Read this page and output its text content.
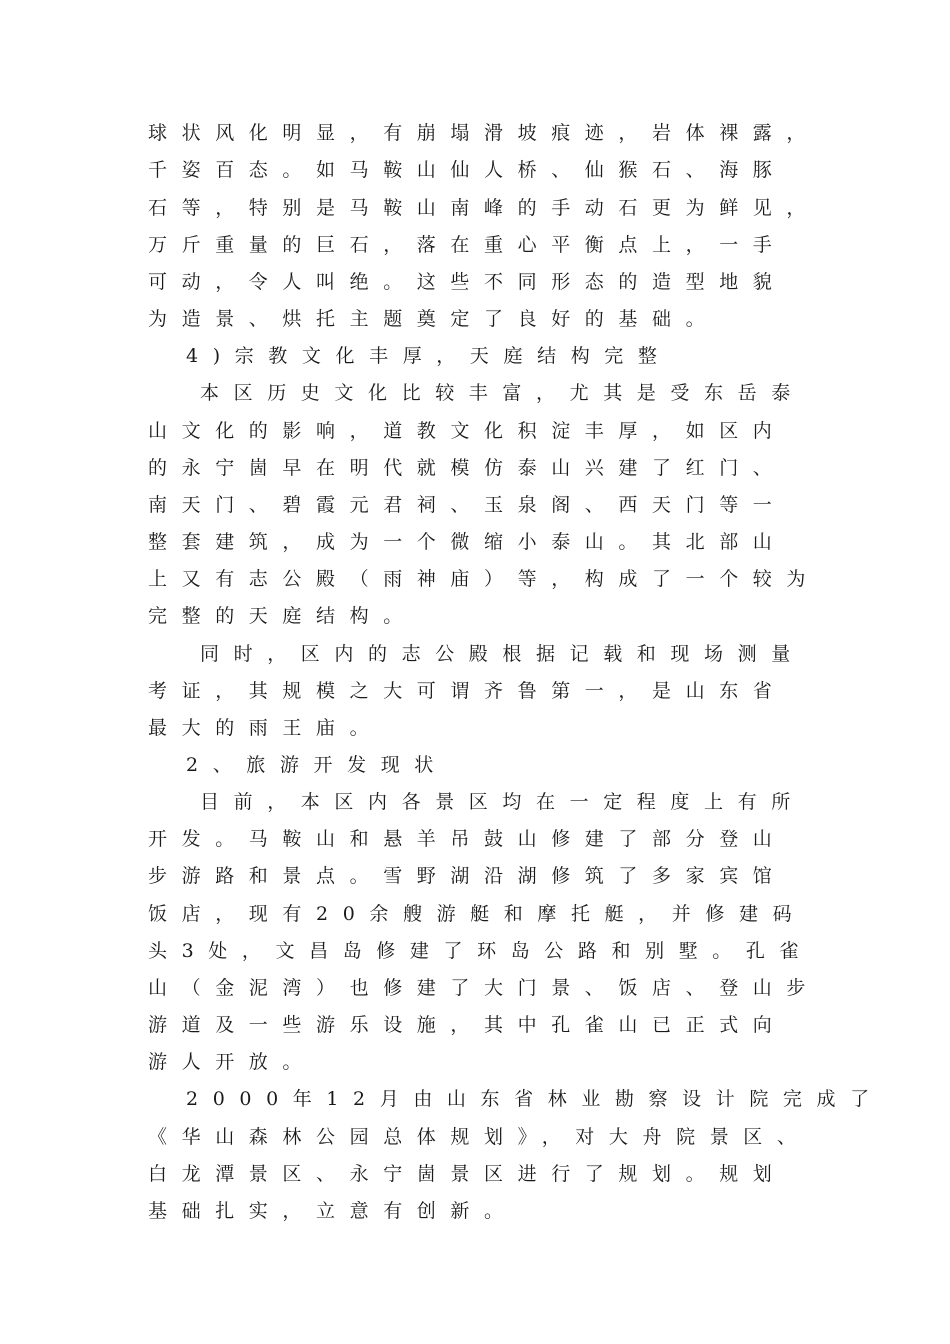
球状风化明显，有崩塌滑坡痕迹，岩体裸露，
千姿百态。如马鞍山仙人桥、仙猴石、海豚
石等，特别是马鞍山南峰的手动石更为鲜见，
万斤重量的巨石，落在重心平衡点上，一手
可动，令人叫绝。这些不同形态的造型地貌
为造景、烘托主题奠定了良好的基础。
4)宗教文化丰厚，天庭结构完整
本区历史文化比较丰富，尤其是受东岳泰
山文化的影响，道教文化积淀丰厚，如区内
的永宁崮早在明代就模仿泰山兴建了红门、
南天门、碧霞元君祠、玉泉阁、西天门等一
整套建筑，成为一个微缩小泰山。其北部山
上又有志公殿（雨神庙）等，构成了一个较为
完整的天庭结构。
同时，区内的志公殿根据记载和现场测量
考证，其规模之大可谓齐鲁第一，是山东省
最大的雨王庙。
2、旅游开发现状
目前，本区内各景区均在一定程度上有所
开发。马鞍山和悬羊吊鼓山修建了部分登山
步游路和景点。雪野湖沿湖修筑了多家宾馆
饭店，现有20余艘游艇和摩托艇，并修建码
头3处，文昌岛修建了环岛公路和别墅。孔雀
山（金泥湾）也修建了大门景、饭店、登山步
游道及一些游乐设施，其中孔雀山已正式向
游人开放。
2000年12月由山东省林业勘察设计院完成了
《华山森林公园总体规划》，对大舟院景区、
白龙潭景区、永宁崮景区进行了规划。规划
基础扎实，立意有创新。
